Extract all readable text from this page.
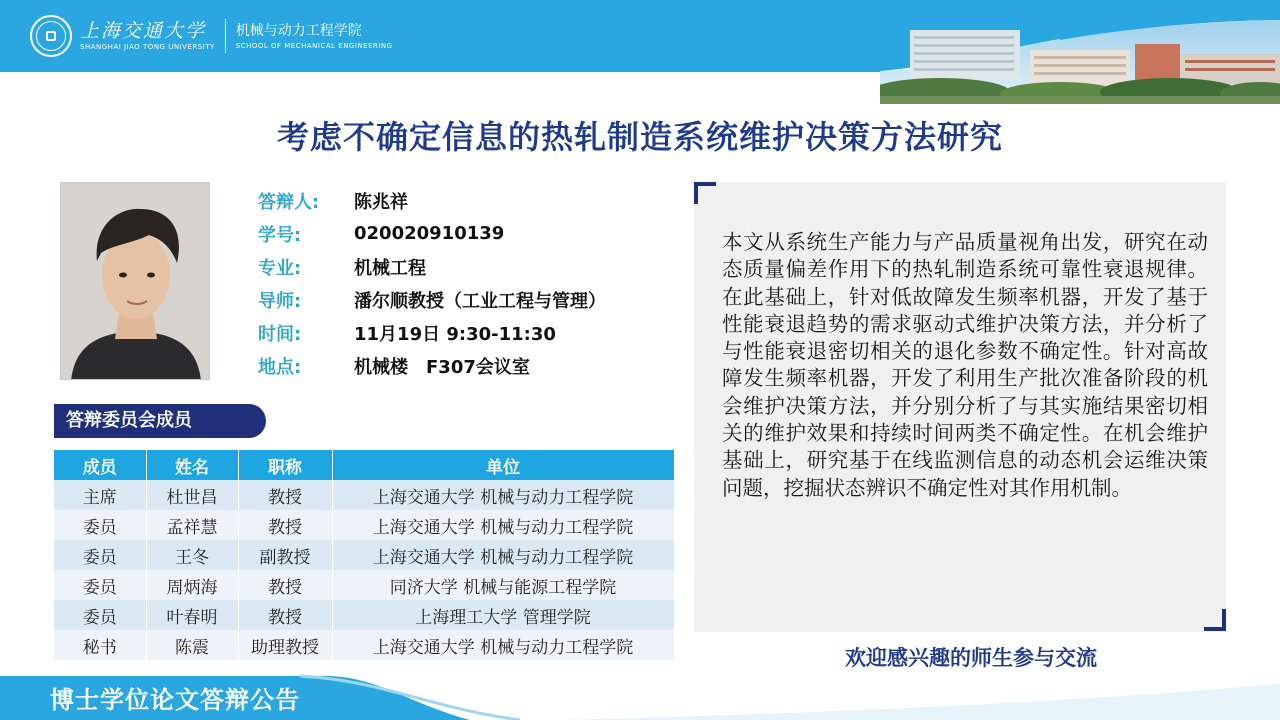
上海交通大学
SHANGHAI JIAO TONG UNIVERSITY
机械与动力工程学院
SCHOOL OF MECHANICAL ENGINEERING
考虑不确定信息的热轧制造系统维护决策方法研究
答辩人:	陈兆祥
学号:	020020910139
专业:	机械工程
导师:	潘尔顺教授（工业工程与管理）
时间:	11月19日 9:30-11:30
地点:	机械楼　F307会议室
答辩委员会成员
成员	姓名	职称	单位
主席	杜世昌	教授	上海交通大学 机械与动力工程学院
委员	孟祥慧	教授	上海交通大学 机械与动力工程学院
委员	王冬	副教授	上海交通大学 机械与动力工程学院
委员	周炳海	教授	同济大学 机械与能源工程学院
委员	叶春明	教授	上海理工大学 管理学院
秘书	陈震	助理教授	上海交通大学 机械与动力工程学院
本文从系统生产能力与产品质量视角出发，研究在动态质量偏差作用下的热轧制造系统可靠性衰退规律。在此基础上，针对低故障发生频率机器，开发了基于性能衰退趋势的需求驱动式维护决策方法，并分析了与性能衰退密切相关的退化参数不确定性。针对高故障发生频率机器，开发了利用生产批次准备阶段的机会维护决策方法，并分别分析了与其实施结果密切相关的维护效果和持续时间两类不确定性。在机会维护基础上，研究基于在线监测信息的动态机会运维决策问题，挖掘状态辨识不确定性对其作用机制。
欢迎感兴趣的师生参与交流
博士学位论文答辩公告
